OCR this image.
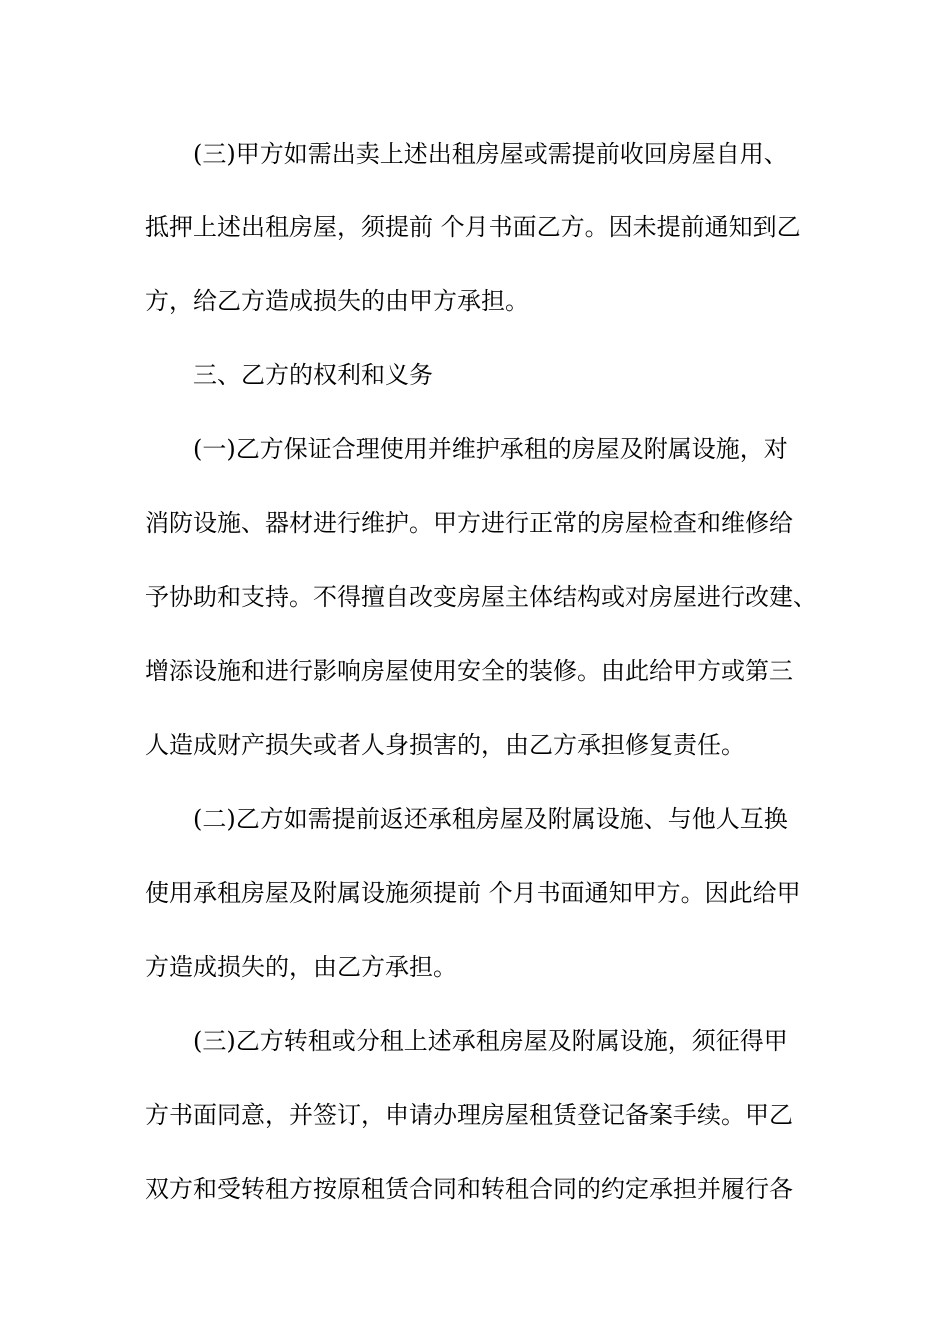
(三)甲方如需出卖上述出租房屋或需提前收回房屋自用、
抵押上述出租房屋，须提前 个月书面乙方。因未提前通知到乙
方，给乙方造成损失的由甲方承担。
三、乙方的权利和义务
(一)乙方保证合理使用并维护承租的房屋及附属设施，对
消防设施、器材进行维护。甲方进行正常的房屋检查和维修给
予协助和支持。不得擅自改变房屋主体结构或对房屋进行改建、
增添设施和进行影响房屋使用安全的装修。由此给甲方或第三
人造成财产损失或者人身损害的，由乙方承担修复责任。
(二)乙方如需提前返还承租房屋及附属设施、与他人互换
使用承租房屋及附属设施须提前 个月书面通知甲方。因此给甲
方造成损失的，由乙方承担。
(三)乙方转租或分租上述承租房屋及附属设施，须征得甲
方书面同意，并签订，申请办理房屋租赁登记备案手续。甲乙
双方和受转租方按原租赁合同和转租合同的约定承担并履行各
